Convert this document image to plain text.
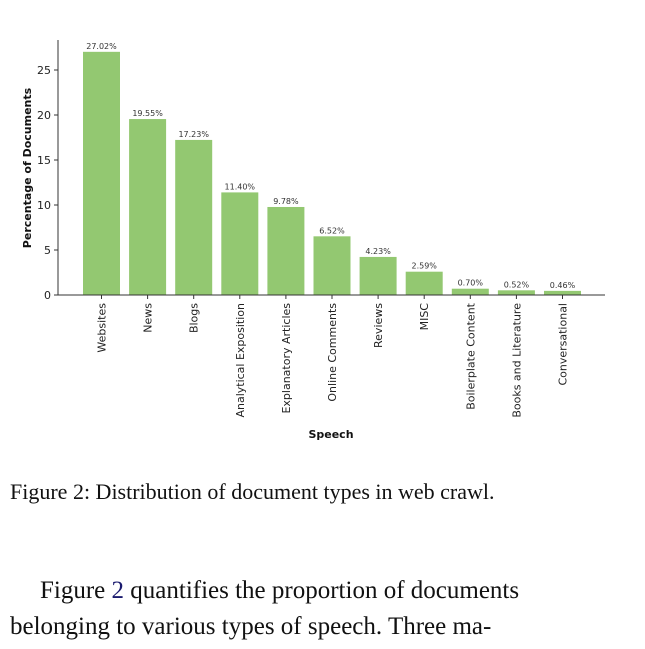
0
5
10
15
20
25
27.02%
19.55%
17.23%
11.40%
9.78%
6.52%
4.23%
2.59%
0.70%	0.52%	0.46%
Websites	News	Blogs	Analytical Exposition	Explanatory Articles	Online Comments	Reviews	MISC	Boilerplate Content	Books and Literature	Conversational
Percentage of Documents
Speech
Figure 2: Distribution of document types in web crawl.
Figure 2 quantifies the proportion of documents
belonging to various types of speech. Three ma-
